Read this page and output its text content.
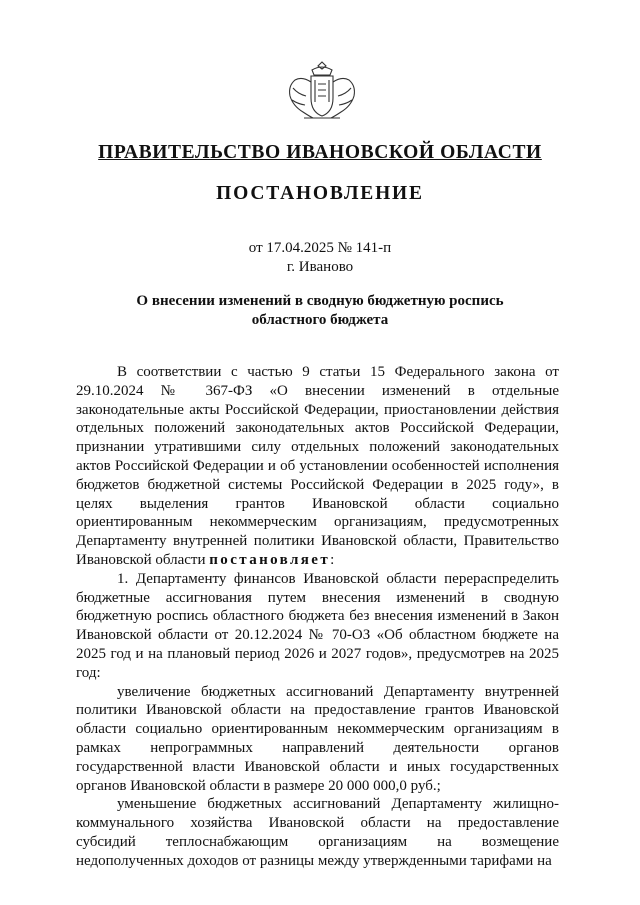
ПРАВИТЕЛЬСТВО ИВАНОВСКОЙ ОБЛАСТИ
ПОСТАНОВЛЕНИЕ
от 17.04.2025 № 141-п
г. Иваново
О внесении изменений в сводную бюджетную роспись
областного бюджета

В соответствии с частью 9 статьи 15 Федерального закона от 29.10.2024 № 367-ФЗ «О внесении изменений в отдельные законодательные акты Российской Федерации, приостановлении действия отдельных положений законодательных актов Российской Федерации, признании утратившими силу отдельных положений законодательных актов Российской Федерации и об установлении особенностей исполнения бюджетов бюджетной системы Российской Федерации в 2025 году», в целях выделения грантов Ивановской области социально ориентированным некоммерческим организациям, предусмотренных Департаменту внутренней политики Ивановской области, Правительство Ивановской области постановляет:

1. Департаменту финансов Ивановской области перераспределить бюджетные ассигнования путем внесения изменений в сводную бюджетную роспись областного бюджета без внесения изменений в Закон Ивановской области от 20.12.2024 № 70-ОЗ «Об областном бюджете на 2025 год и на плановый период 2026 и 2027 годов», предусмотрев на 2025 год:

увеличение бюджетных ассигнований Департаменту внутренней политики Ивановской области на предоставление грантов Ивановской области социально ориентированным некоммерческим организациям в рамках непрограммных направлений деятельности органов государственной власти Ивановской области и иных государственных органов Ивановской области в размере 20 000 000,0 руб.;

уменьшение бюджетных ассигнований Департаменту жилищно-коммунального хозяйства Ивановской области на предоставление субсидий теплоснабжающим организациям на возмещение недополученных доходов от разницы между утвержденными тарифами на
